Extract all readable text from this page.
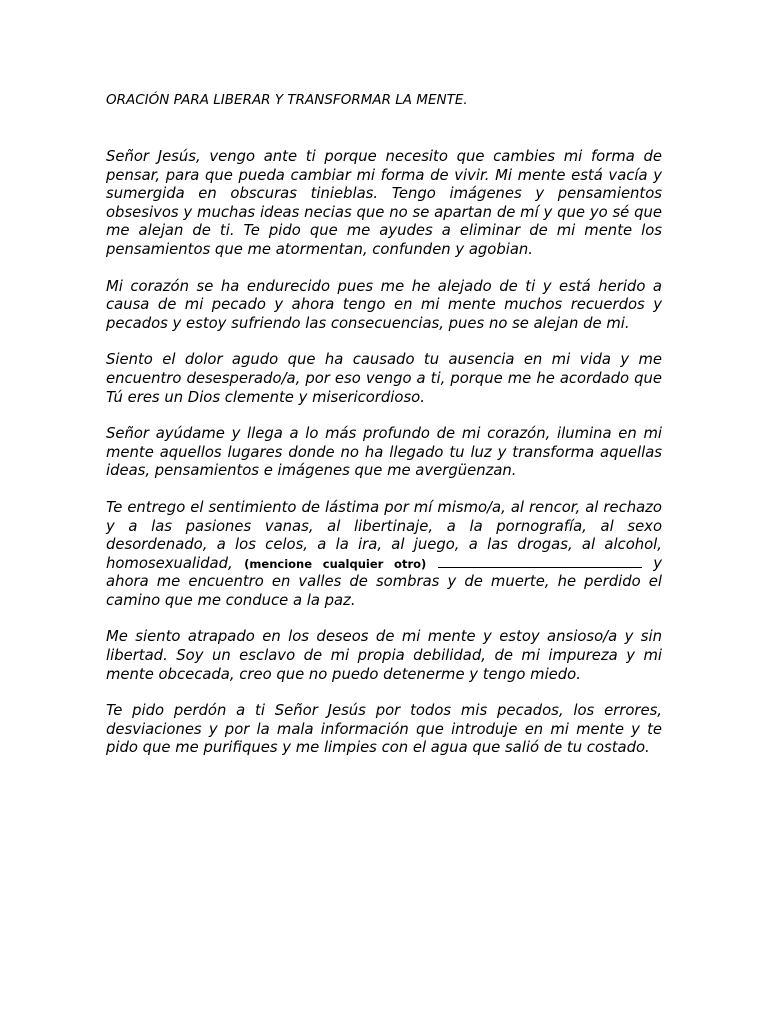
ORACIÓN PARA LIBERAR Y TRANSFORMAR LA MENTE.

Señor Jesús, vengo ante ti porque necesito que cambies mi forma de pensar, para que pueda cambiar mi forma de vivir. Mi mente está vacía y sumergida en obscuras tinieblas. Tengo imágenes y pensamientos obsesivos y muchas ideas necias que no se apartan de mí y que yo sé que me alejan de ti. Te pido que me ayudes a eliminar de mi mente los pensamientos que me atormentan, confunden y agobian.

Mi corazón se ha endurecido pues me he alejado de ti y está herido a causa de mi pecado y ahora tengo en mi mente muchos recuerdos y pecados y estoy sufriendo las consecuencias, pues no se alejan de mi.

Siento el dolor agudo que ha causado tu ausencia en mi vida y me encuentro desesperado/a, por eso vengo a ti, porque me he acordado que Tú eres un Dios clemente y misericordioso.

Señor ayúdame y llega a lo más profundo de mi corazón, ilumina en mi mente aquellos lugares donde no ha llegado tu luz y transforma aquellas ideas, pensamientos e imágenes que me avergüenzan.

Te entrego el sentimiento de lástima por mí mismo/a, al rencor, al rechazo y a las pasiones vanas, al libertinaje, a la pornografía, al sexo desordenado, a los celos, a la ira, al juego, a las drogas, al alcohol, homosexualidad, (mencione cualquier otro)	y ahora me encuentro en valles de sombras y de muerte, he perdido el camino que me conduce a la paz.

Me siento atrapado en los deseos de mi mente y estoy ansioso/a y sin libertad. Soy un esclavo de mi propia debilidad, de mi impureza y mi mente obcecada, creo que no puedo detenerme y tengo miedo.

Te pido perdón a ti Señor Jesús por todos mis pecados, los errores, desviaciones y por la mala información que introduje en mi mente y te pido que me purifiques y me limpies con el agua que salió de tu costado.
